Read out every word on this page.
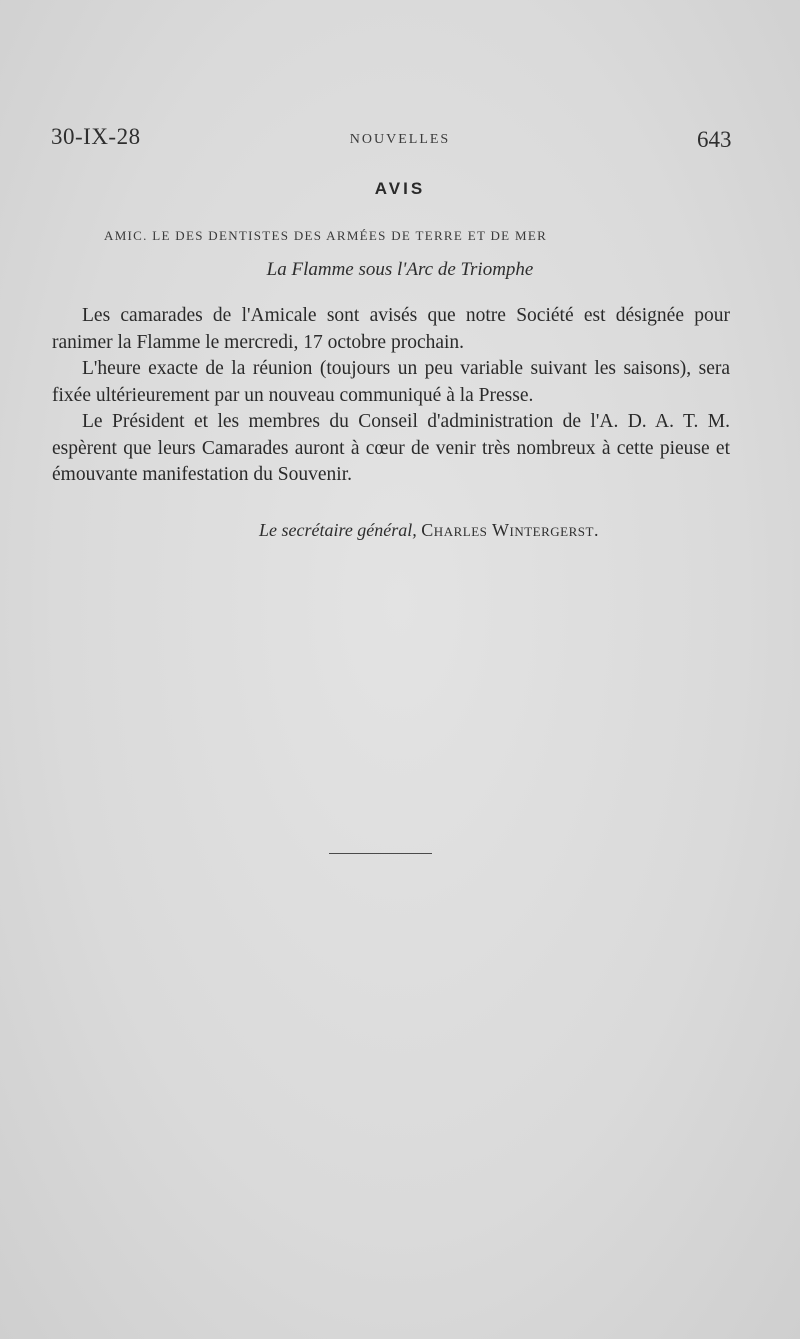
30-IX-28	NOUVELLES	643
AVIS
AMIC. LE DES DENTISTES DES ARMÉES DE TERRE ET DE MER
La Flamme sous l'Arc de Triomphe

Les camarades de l'Amicale sont avisés que notre Société est désignée pour ranimer la Flamme le mercredi, 17 octobre prochain.

L'heure exacte de la réunion (toujours un peu variable suivant les saisons), sera fixée ultérieurement par un nouveau communiqué à la Presse.

Le Président et les membres du Conseil d'administration de l'A. D. A. T. M. espèrent que leurs Camarades auront à cœur de venir très nombreux à cette pieuse et émouvante manifestation du Souvenir.

Le secrétaire général, Charles Wintergerst.
